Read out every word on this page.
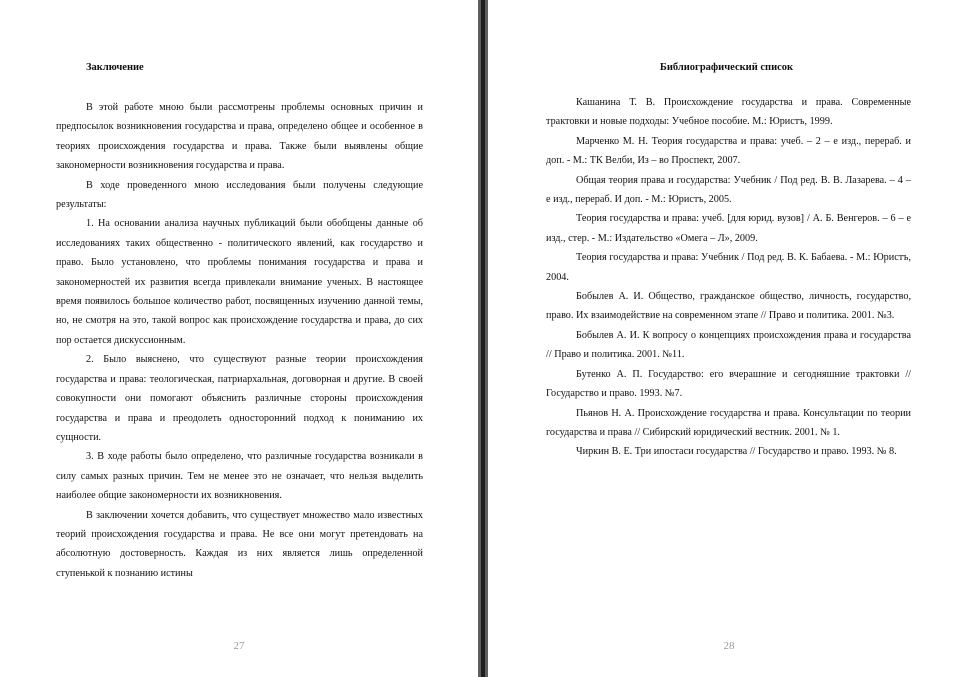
Заключение

В этой работе мною были рассмотрены проблемы основных причин и предпосылок возникновения государства и права, определено общее и особенное в теориях происхождения государства и права. Также были выявлены общие закономерности возникновения государства и права.

В ходе проведенного мною исследования были получены следующие результаты:

1. На основании анализа научных публикаций были обобщены данные об исследованиях таких общественно - политического явлений, как государство и право. Было установлено, что проблемы понимания государства и права и закономерностей их развития всегда привлекали внимание ученых. В настоящее время появилось большое количество работ, посвященных изучению данной темы, но, не смотря на это, такой вопрос как происхождение государства и права, до сих пор остается дискуссионным.

2. Было выяснено, что существуют разные теории происхождения государства и права: теологическая, патриархальная, договорная и другие. В своей совокупности они помогают объяснить различные стороны происхождения государства и права и преодолеть односторонний подход к пониманию их сущности.

3. В ходе работы было определено, что различные государства возникали в силу самых разных причин. Тем не менее это не означает, что нельзя выделить наиболее общие закономерности их возникновения.

В заключении хочется добавить, что существует множество мало известных теорий происхождения государства и права. Не все они могут претендовать на абсолютную достоверность. Каждая из них является лишь определенной ступенькой к познанию истины

27
Библиографический список

Кашанина Т. В. Происхождение государства и права. Современные трактовки и новые подходы: Учебное пособие. М.: Юристъ, 1999.

Марченко М. Н. Теория государства и права: учеб. – 2 – е изд., перераб. и доп. - М.: ТК Велби, Из – во Проспект, 2007.

Общая теория права и государства: Учебник / Под ред. В. В. Лазарева. – 4 – е изд., перераб. И доп. - М.: Юристъ, 2005.

Теория государства и права: учеб. [для юрид. вузов] / А. Б. Венгеров. – 6 – е изд., стер. - М.: Издательство «Омега – Л», 2009.

Теория государства и права: Учебник / Под ред. В. К. Бабаева. - М.: Юристъ, 2004.

Бобылев А. И. Общество, гражданское общество, личность, государство, право. Их взаимодействие на современном этапе // Право и политика. 2001. №3.

Бобылев А. И. К вопросу о концепциях происхождения права и государства // Право и политика. 2001. №11.

Бутенко А. П. Государство: его вчерашние и сегодняшние трактовки // Государство и право. 1993. №7.

Пьянов Н. А. Происхождение государства и права. Консультации по теории государства и права // Сибирский юридический вестник. 2001. № 1.

Чиркин В. Е. Три ипостаси государства // Государство и право. 1993. № 8.

28
